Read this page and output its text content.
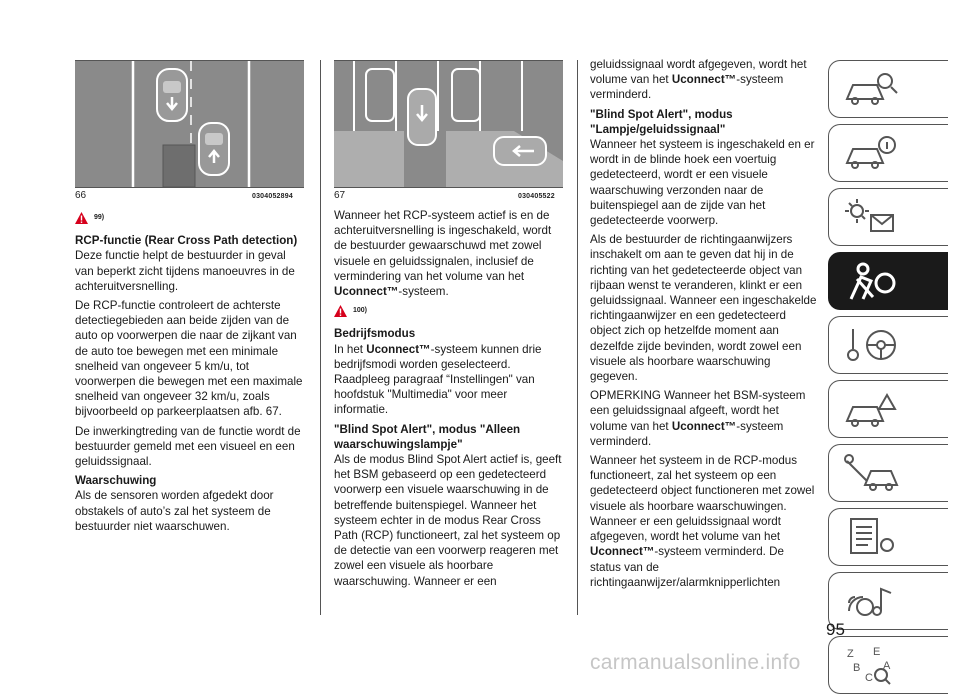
66	0304052894
99)
RCP-functie (Rear Cross Path detection)

Deze functie helpt de bestuurder in geval van beperkt zicht tijdens manoeuvres in de achteruitversnelling.

De RCP-functie controleert de achterste detectiegebieden aan beide zijden van de auto op voorwerpen die naar de zijkant van de auto toe bewegen met een minimale snelheid van ongeveer 5 km/u, tot voorwerpen die bewegen met een maximale snelheid van ongeveer 32 km/u, zoals bijvoorbeeld op parkeerplaatsen afb. 67.

De inwerkingtreding van de functie wordt de bestuurder gemeld met een visueel en een geluidssignaal.

Waarschuwing

Als de sensoren worden afgedekt door obstakels of auto’s zal het systeem de bestuurder niet waarschuwen.

67	030405522

Wanneer het RCP-systeem actief is en de achteruitversnelling is ingeschakeld, wordt de bestuurder gewaarschuwd met zowel visuele en geluidssignalen, inclusief de vermindering van het volume van het Uconnect™-systeem.

100)
Bedrijfsmodus

In het Uconnect™-systeem kunnen drie bedrijfsmodi worden geselecteerd. Raadpleeg paragraaf “Instellingen" van hoofdstuk "Multimedia" voor meer informatie.

"Blind Spot Alert", modus "Alleen waarschuwingslampje"

Als de modus Blind Spot Alert actief is, geeft het BSM gebaseerd op een gedetecteerd voorwerp een visuele waarschuwing in de betreffende buitenspiegel. Wanneer het systeem echter in de modus Rear Cross Path (RCP) functioneert, zal het systeem op de detectie van een voorwerp reageren met zowel een visuele als hoorbare waarschuwing. Wanneer er een

geluidssignaal wordt afgegeven, wordt het volume van het Uconnect™-systeem verminderd.

"Blind Spot Alert", modus "Lampje/geluidssignaal"

Wanneer het systeem is ingeschakeld en er wordt in de blinde hoek een voertuig gedetecteerd, wordt er een visuele waarschuwing verzonden naar de buitenspiegel aan de zijde van het gedetecteerde voorwerp.

Als de bestuurder de richtingaanwijzers inschakelt om aan te geven dat hij in de richting van het gedetecteerde object van rijbaan wenst te veranderen, klinkt er een geluidssignaal. Wanneer een ingeschakelde richtingaanwijzer en een gedetecteerd object zich op hetzelfde moment aan dezelfde zijde bevinden, wordt zowel een visuele als hoorbare waarschuwing gegeven.

OPMERKING Wanneer het BSM-systeem een geluidssignaal afgeeft, wordt het volume van het Uconnect™-systeem verminderd.

Wanneer het systeem in de RCP-modus functioneert, zal het systeem op een gedetecteerd object functioneren met zowel visuele als hoorbare waarschuwingen. Wanneer er een geluidssignaal wordt afgegeven, wordt het volume van het Uconnect™-systeem verminderd. De status van de richtingaanwijzer/alarmknipperlichten

Z E
B
C
A
95
carmanualsonline.info
